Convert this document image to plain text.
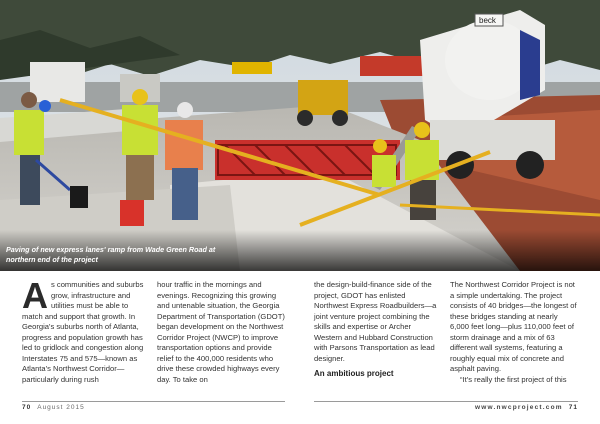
beck
Paving of new express lanes' ramp from Wade Green Road at
northern end of the project
A s communities and suburbs grow, infrastructure and utilities must be able to match and support that growth. In Georgia's suburbs north of Atlanta, progress and population growth has led to gridlock and congestion along Interstates 75 and 575—known as Atlanta's Northwest Corridor—particularly during rush

hour traffic in the mornings and evenings. Recognizing this growing and untenable situation, the Georgia Department of Transportation (GDOT) began development on the Northwest Corridor Project (NWCP) to improve transportation options and provide relief to the 400,000 residents who drive these crowded highways every day. To take on

the design-build-finance side of the project, GDOT has enlisted Northwest Express Roadbuilders—a joint venture project combining the skills and expertise or Archer Western and Hubbard Construction with Parsons Transportation as lead designer.

An ambitious project

The Northwest Corridor Project is not a simple undertaking. The project consists of 40 bridges—the longest of these bridges standing at nearly 6,000 feet long—plus 110,000 feet of storm drainage and a mix of 63 different wall systems, featuring a roughly equal mix of concrete and asphalt paving.

“It's really the first project of this

70 August 2015	www.nwcproject.com 71
